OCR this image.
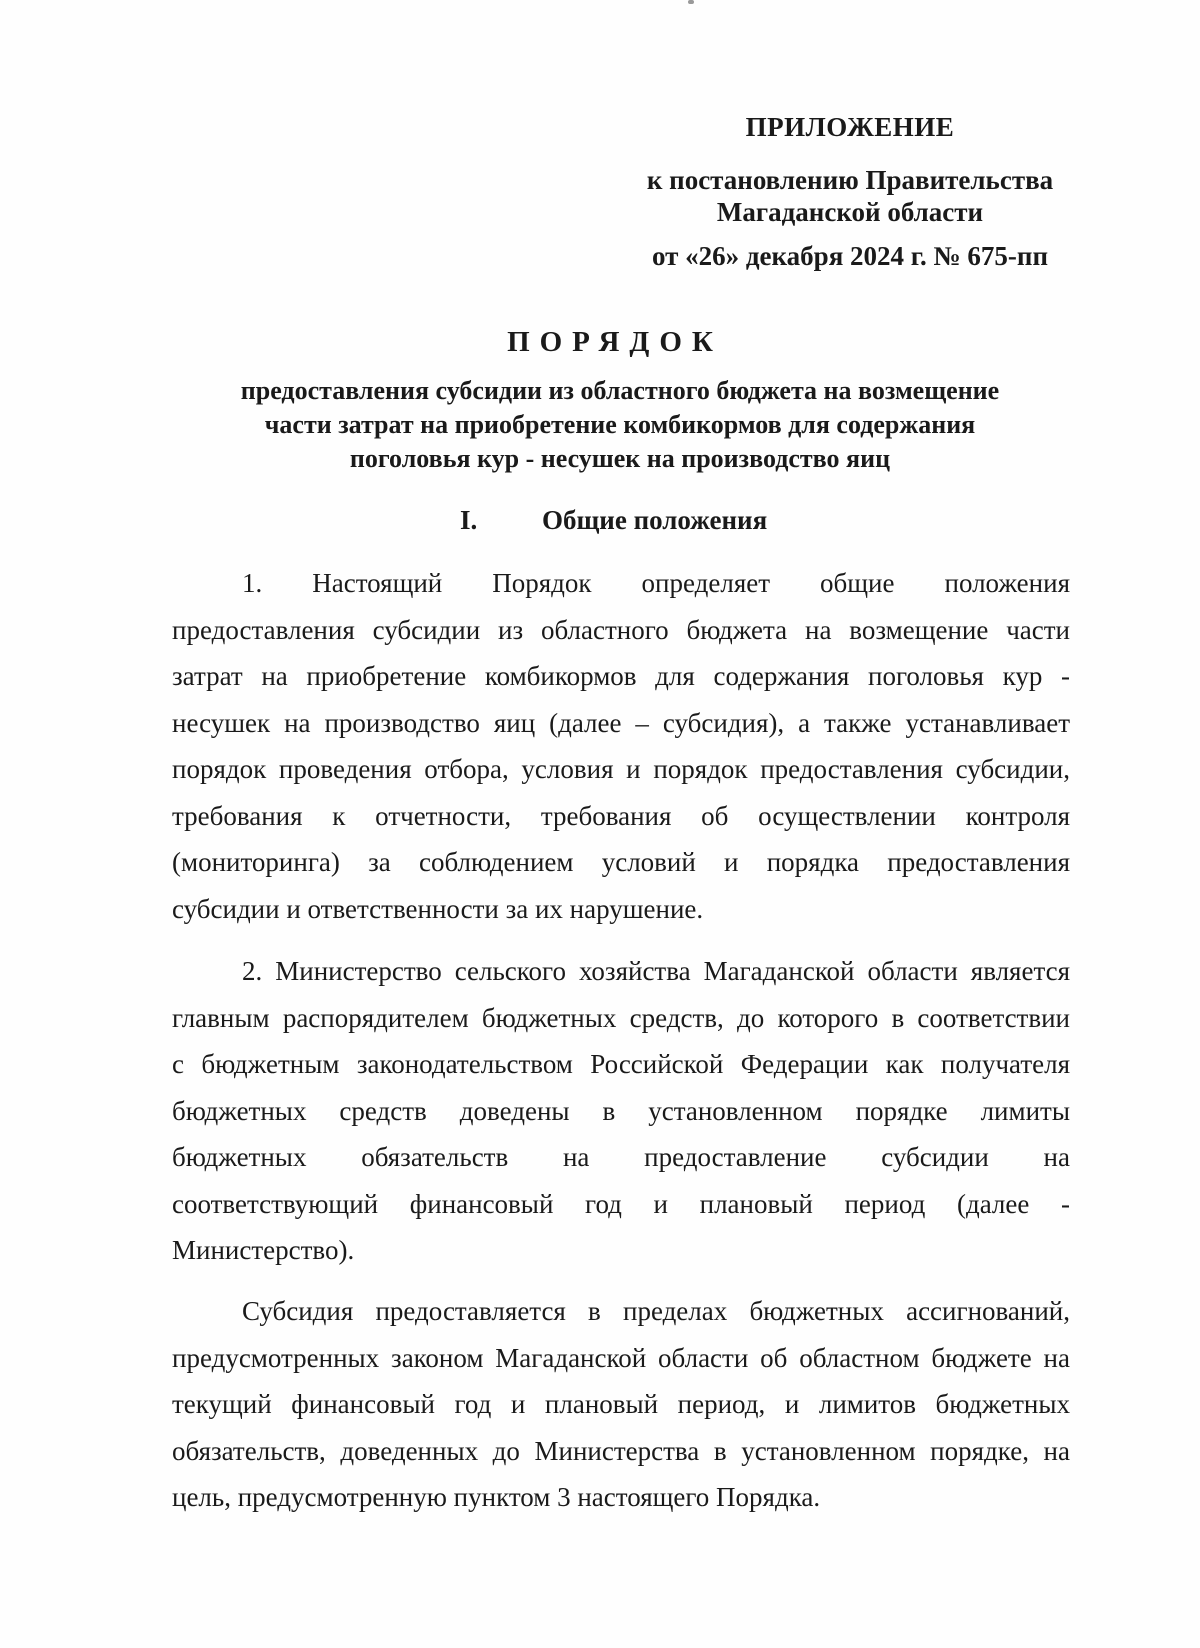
ПРИЛОЖЕНИЕ
к постановлению Правительства
Магаданской области
от «26» декабря 2024 г. № 675-пп
ПОРЯДОК
предоставления субсидии из областного бюджета на возмещение
части затрат на приобретение комбикормов для содержания
поголовья кур - несушек на производство яиц
I. Общие положения
1.      Настоящий      Порядок      определяет      общие      положения
предоставления субсидии из областного бюджета на возмещение части
затрат на приобретение комбикормов для содержания поголовья кур -
несушек на производство яиц (далее – субсидия), а также устанавливает
порядок проведения отбора, условия и порядок предоставления субсидии,
требования к отчетности, требования об осуществлении контроля
(мониторинга) за соблюдением условий и порядка предоставления
субсидии и ответственности за их нарушение.
2. Министерство сельского хозяйства Магаданской области является
главным распорядителем бюджетных средств, до которого в соответствии
с бюджетным законодательством Российской Федерации как получателя
бюджетных средств доведены в установленном порядке лимиты
бюджетных обязательств на предоставление субсидии на
соответствующий финансовый год и плановый период (далее -
Министерство).
Субсидия предоставляется в пределах бюджетных ассигнований,
предусмотренных законом Магаданской области об областном бюджете на
текущий финансовый год и плановый период, и лимитов бюджетных
обязательств, доведенных до Министерства в установленном порядке, на
цель, предусмотренную пунктом 3 настоящего Порядка.
